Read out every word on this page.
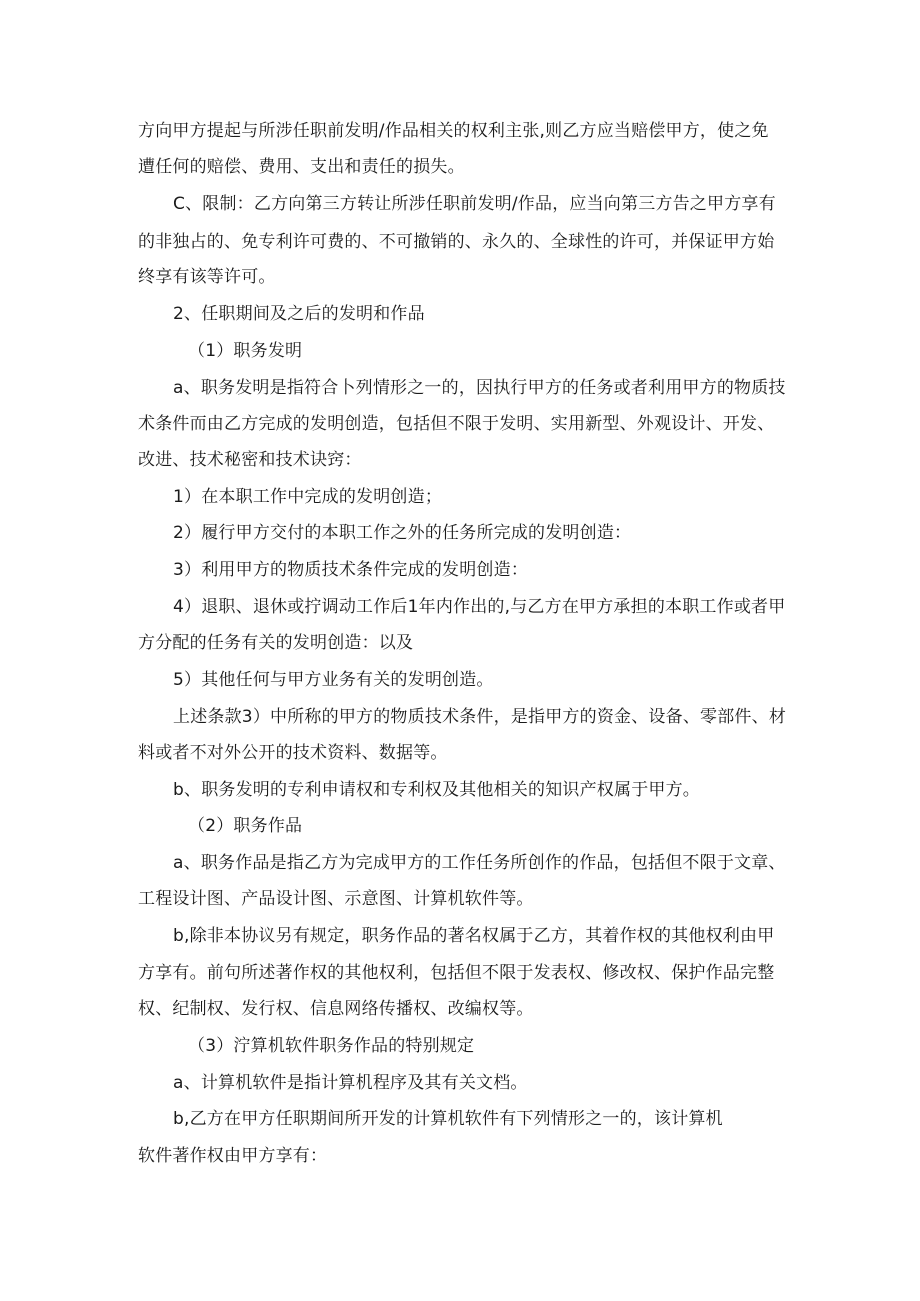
方向甲方提起与所涉任职前发明/作品相关的权利主张,则乙方应当赔偿甲方，使之免
遭任何的赔偿、费用、支出和责任的损失。
C、限制：乙方向第三方转让所涉任职前发明/作品，应当向第三方告之甲方享有
的非独占的、免专利许可费的、不可撤销的、永久的、全球性的许可，并保证甲方始
终享有该等许可。
2、任职期间及之后的发明和作品
（1）职务发明
a、职务发明是指符合卜列情形之一的，因执行甲方的任务或者利用甲方的物质技
术条件而由乙方完成的发明创造，包括但不限于发明、实用新型、外观设计、开发、
改进、技术秘密和技术诀窍：
1）在本职工作中完成的发明创造；
2）履行甲方交付的本职工作之外的任务所完成的发明创造：
3）利用甲方的物质技术条件完成的发明创造：
4）退职、退休或拧调动工作后1年内作出的,与乙方在甲方承担的本职工作或者甲
方分配的任务有关的发明创造：以及
5）其他任何与甲方业务有关的发明创造。
上述条款3）中所称的甲方的物质技术条件，是指甲方的资金、设备、零部件、材
料或者不对外公开的技术资料、数据等。
b、职务发明的专利申请权和专利权及其他相关的知识产权属于甲方。
（2）职务作品
a、职务作品是指乙方为完成甲方的工作任务所创作的作品，包括但不限于文章、
工程设计图、产品设计图、示意图、计算机软件等。
b,除非本协议另有规定，职务作品的著名权属于乙方，其着作权的其他权利由甲
方享有。前句所述著作权的其他权利，包括但不限于发表权、修改权、保护作品完整
权、纪制权、发行权、信息网络传播权、改编权等。
（3）泞算机软件职务作品的特别规定
a、计算机软件是指计算机程序及其有关文档。
b,乙方在甲方任职期间所开发的计算机软件有下列情形之一的，该计算机
软件著作权由甲方享有：
